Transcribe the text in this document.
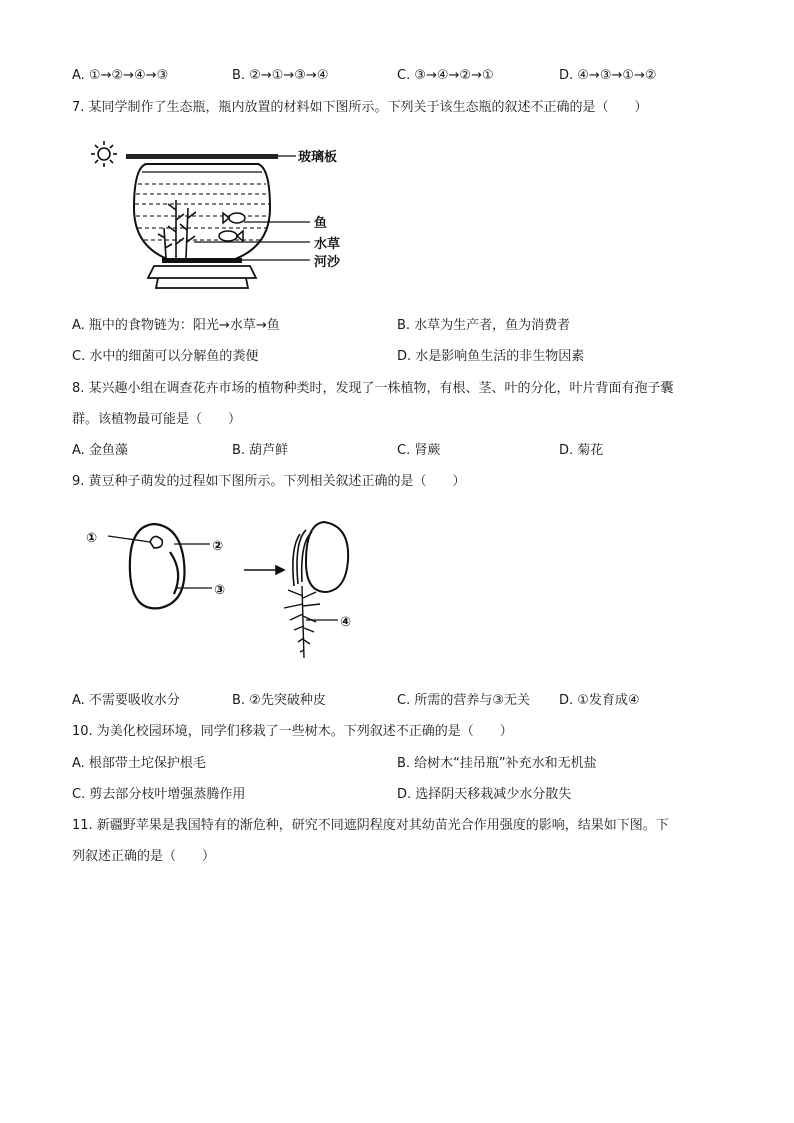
A. ①→②→④→③	B. ②→①→③→④	C. ③→④→②→①	D. ④→③→①→②
7. 某同学制作了生态瓶，瓶内放置的材料如下图所示。下列关于该生态瓶的叙述不正确的是（　　）
玻璃板
鱼
水草
河沙
A. 瓶中的食物链为：阳光→水草→鱼	B. 水草为生产者，鱼为消费者
C. 水中的细菌可以分解鱼的粪便	D. 水是影响鱼生活的非生物因素
8. 某兴趣小组在调查花卉市场的植物种类时，发现了一株植物，有根、茎、叶的分化，叶片背面有孢子囊
群。该植物最可能是（　　）
A. 金鱼藻	B. 葫芦鲜	C. 肾蕨	D. 菊花
9. 黄豆种子萌发的过程如下图所示。下列相关叙述正确的是（　　）
①
②
③
④
A. 不需要吸收水分	B. ②先突破种皮	C. 所需的营养与③无关 D. ①发育成④
10. 为美化校园环境，同学们移栽了一些树木。下列叙述不正确的是（　　）
A. 根部带土坨保护根毛	B. 给树木“挂吊瓶”补充水和无机盐
C. 剪去部分枝叶增强蒸腾作用	D. 选择阴天移栽减少水分散失
11. 新疆野苹果是我国特有的渐危种，研究不同遮阴程度对其幼苗光合作用强度的影响，结果如下图。下
列叙述正确的是（　　）
